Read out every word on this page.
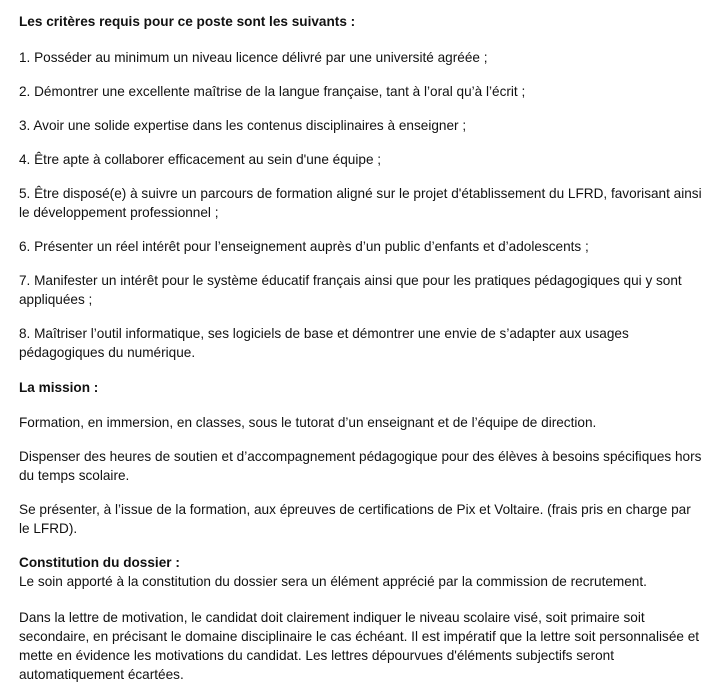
Les critères requis pour ce poste sont les suivants :

1. Posséder au minimum un niveau licence délivré par une université agréée ;

2. Démontrer une excellente maîtrise de la langue française, tant à l’oral qu’à l’écrit ;

3. Avoir une solide expertise dans les contenus disciplinaires à enseigner ;

4. Être apte à collaborer efficacement au sein d'une équipe ;

5. Être disposé(e) à suivre un parcours de formation aligné sur le projet d'établissement du LFRD, favorisant ainsi le développement professionnel ;

6. Présenter un réel intérêt pour l’enseignement auprès d’un public d’enfants et d’adolescents ;

7. Manifester un intérêt pour le système éducatif français ainsi que pour les pratiques pédagogiques qui y sont appliquées ;

8. Maîtriser l’outil informatique, ses logiciels de base et démontrer une envie de s’adapter aux usages pédagogiques du numérique.

La mission :

Formation, en immersion, en classes, sous le tutorat d’un enseignant et de l’équipe de direction.

Dispenser des heures de soutien et d’accompagnement pédagogique pour des élèves à besoins spécifiques hors du temps scolaire.

Se présenter, à l’issue de la formation, aux épreuves de certifications de Pix et Voltaire. (frais pris en charge par le LFRD).

Constitution du dossier :

Le soin apporté à la constitution du dossier sera un élément apprécié par la commission de recrutement.

Dans la lettre de motivation, le candidat doit clairement indiquer le niveau scolaire visé, soit primaire soit secondaire, en précisant le domaine disciplinaire le cas échéant. Il est impératif que la lettre soit personnalisée et mette en évidence les motivations du candidat. Les lettres dépourvues d'éléments subjectifs seront automatiquement écartées.
